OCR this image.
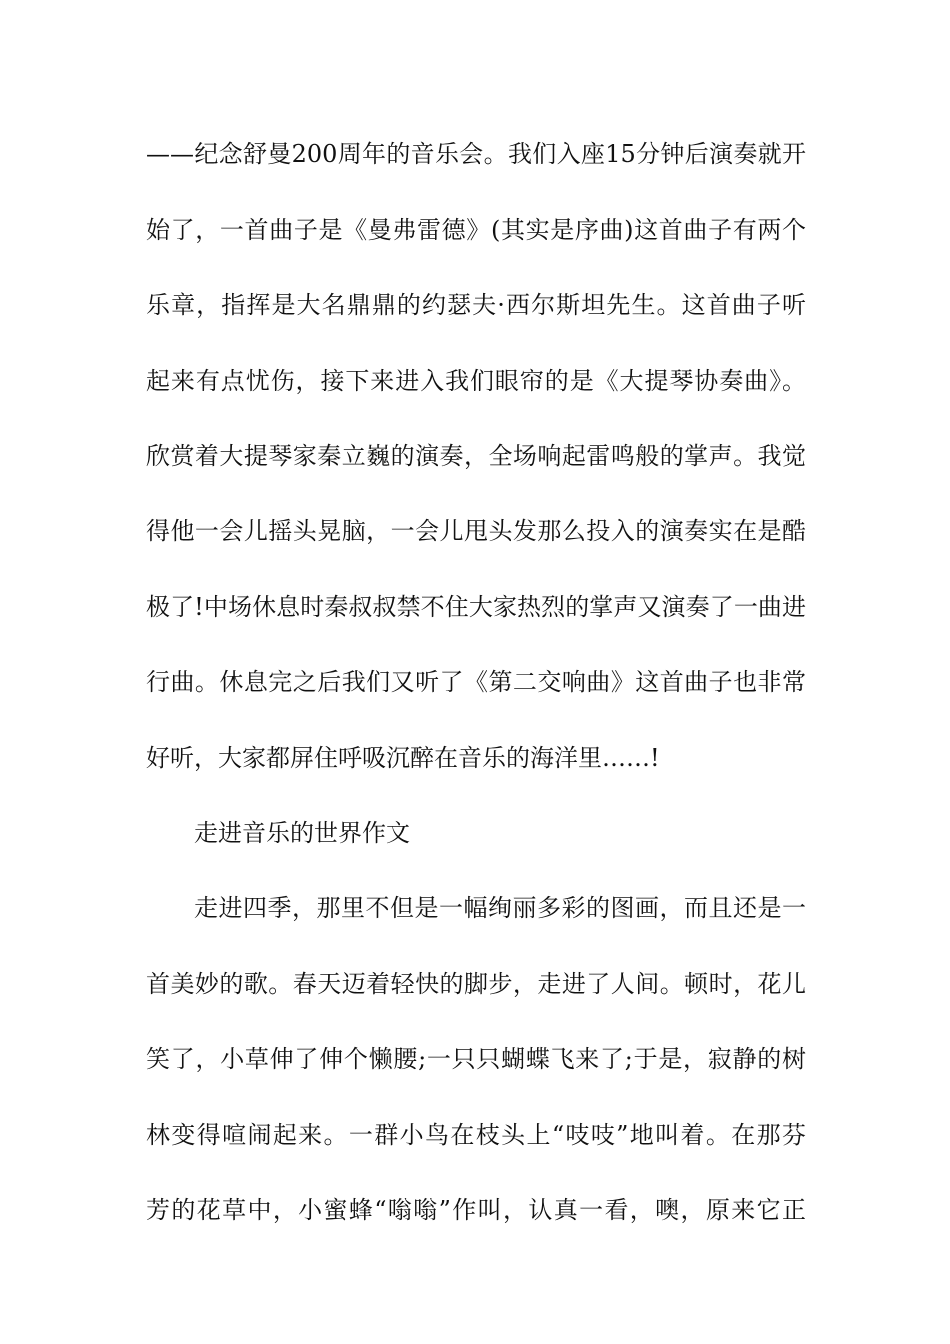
——纪念舒曼200周年的音乐会。我们入座15分钟后演奏就开
始了，一首曲子是《曼弗雷德》(其实是序曲)这首曲子有两个
乐章，指挥是大名鼎鼎的约瑟夫·西尔斯坦先生。这首曲子听
起来有点忧伤，接下来进入我们眼帘的是《大提琴协奏曲》。
欣赏着大提琴家秦立巍的演奏，全场响起雷鸣般的掌声。我觉
得他一会儿摇头晃脑，一会儿甩头发那么投入的演奏实在是酷
极了!中场休息时秦叔叔禁不住大家热烈的掌声又演奏了一曲进
行曲。休息完之后我们又听了《第二交响曲》这首曲子也非常
好听，大家都屏住呼吸沉醉在音乐的海洋里……!
走进音乐的世界作文
走进四季，那里不但是一幅绚丽多彩的图画，而且还是一
首美妙的歌。春天迈着轻快的脚步，走进了人间。顿时，花儿
笑了，小草伸了伸个懒腰;一只只蝴蝶飞来了;于是，寂静的树
林变得喧闹起来。一群小鸟在枝头上“吱吱”地叫着。在那芬
芳的花草中，小蜜蜂“嗡嗡”作叫，认真一看，噢，原来它正
